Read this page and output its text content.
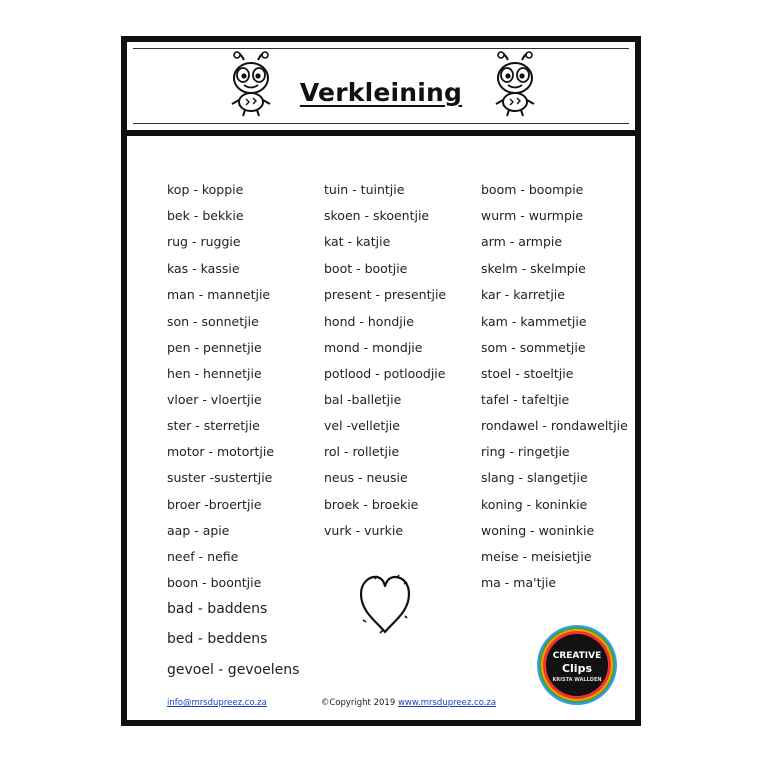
Verkleining
kop - koppie
bek - bekkie
rug - ruggie
kas - kassie
man - mannetjie
son - sonnetjie
pen - pennetjie
hen - hennetjie
vloer - vloertjie
ster - sterretjie
motor - motortjie
suster -sustertjie
broer -broertjie
aap - apie
neef - nefie
boon - boontjie
bad - baddens
bed - beddens
gevoel - gevoelens
tuin - tuintjie
skoen - skoentjie
kat - katjie
boot - bootjie
present - presentjie
hond - hondjie
mond - mondjie
potlood - potloodjie
bal -balletjie
vel -velletjie
rol - rolletjie
neus - neusie
broek - broekie
vurk - vurkie
boom - boompie
wurm - wurmpie
arm - armpie
skelm - skelmpie
kar - karretjie
kam - kammetjie
som - sommetjie
stoel - stoeltjie
tafel - tafeltjie
rondawel - rondaweltjie
ring - ringetjie
slang - slangetjie
koning - koninkie
woning - woninkie
meise - meisietjie
ma - ma'tjie
CREATIVE
Clips
KRISTA WALLDEN
info@mrsdupreez.co.za	©Copyright 2019 www.mrsdupreez.co.za
